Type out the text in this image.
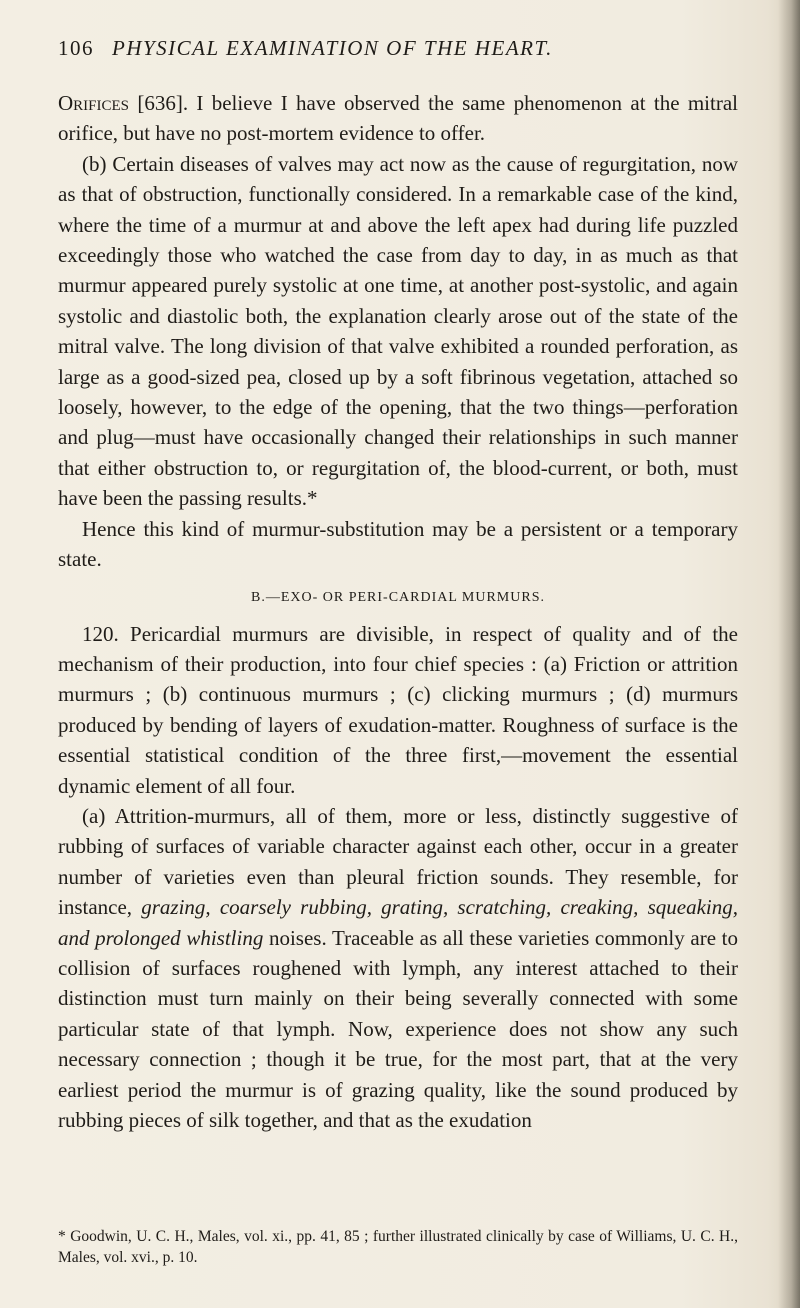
106 PHYSICAL EXAMINATION OF THE HEART.

Orifices [636]. I believe I have observed the same phenomenon at the mitral orifice, but have no post-mortem evidence to offer.

(b) Certain diseases of valves may act now as the cause of regurgitation, now as that of obstruction, functionally considered. In a remarkable case of the kind, where the time of a murmur at and above the left apex had during life puzzled exceedingly those who watched the case from day to day, in as much as that murmur appeared purely systolic at one time, at another post-systolic, and again systolic and diastolic both, the explanation clearly arose out of the state of the mitral valve. The long division of that valve exhibited a rounded perforation, as large as a good-sized pea, closed up by a soft fibrinous vegetation, attached so loosely, however, to the edge of the opening, that the two things—perforation and plug—must have occasionally changed their relationships in such manner that either obstruction to, or regurgitation of, the blood-current, or both, must have been the passing results.*

Hence this kind of murmur-substitution may be a persistent or a temporary state.

B.—EXO- OR PERI-CARDIAL MURMURS.

120. Pericardial murmurs are divisible, in respect of quality and of the mechanism of their production, into four chief species : (a) Friction or attrition murmurs ; (b) continuous murmurs ; (c) clicking murmurs ; (d) murmurs produced by bending of layers of exudation-matter. Roughness of surface is the essential statistical condition of the three first,—movement the essential dynamic element of all four.

(a) Attrition-murmurs, all of them, more or less, distinctly suggestive of rubbing of surfaces of variable character against each other, occur in a greater number of varieties even than pleural friction sounds. They resemble, for instance, grazing, coarsely rubbing, grating, scratching, creaking, squeaking, and prolonged whistling noises. Traceable as all these varieties commonly are to collision of surfaces roughened with lymph, any interest attached to their distinction must turn mainly on their being severally connected with some particular state of that lymph. Now, experience does not show any such necessary connection ; though it be true, for the most part, that at the very earliest period the murmur is of grazing quality, like the sound produced by rubbing pieces of silk together, and that as the exudation

* Goodwin, U. C. H., Males, vol. xi., pp. 41, 85 ; further illustrated clinically by case of Williams, U. C. H., Males, vol. xvi., p. 10.
